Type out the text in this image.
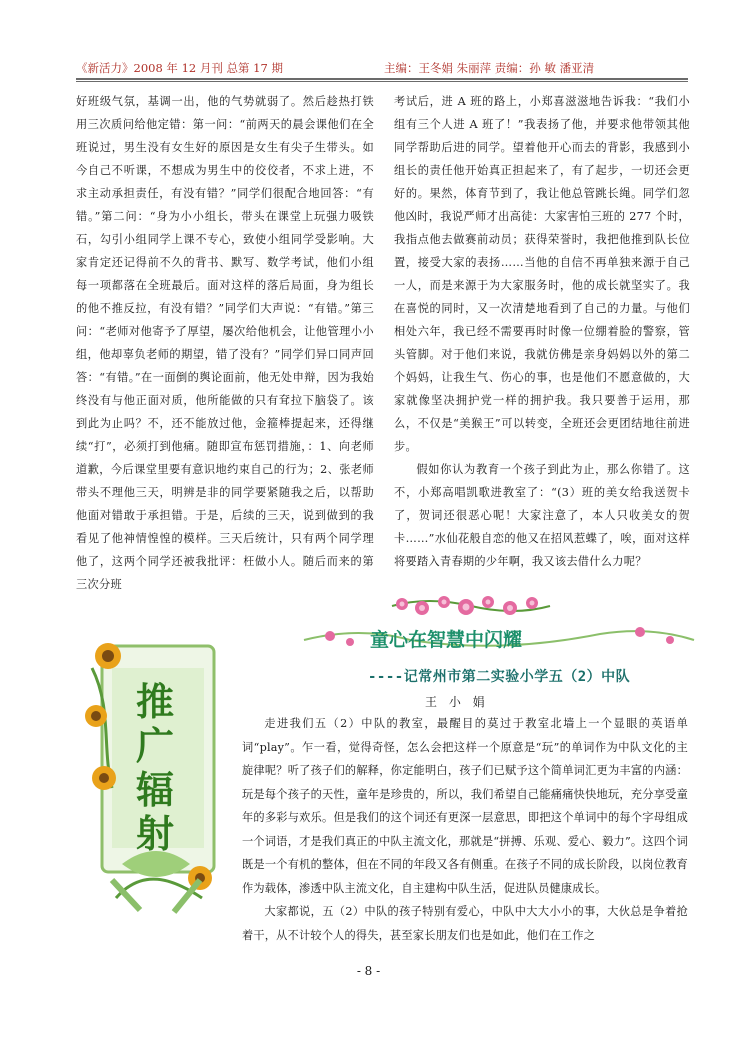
《新活力》2008 年 12 月刊 总第 17 期	主编：王冬娟 朱丽萍 责编：孙 敏 潘亚清

好班级气氛，基调一出，他的气势就弱了。然后趁热打铁用三次质问给他定错：第一问：“前两天的晨会课他们在全班说过，男生没有女生好的原因是女生有尖子生带头。如今自己不听课，不想成为男生中的佼佼者，不求上进，不求主动承担责任，有没有错？”同学们很配合地回答：“有错。”第二问：“身为小小组长，带头在课堂上玩强力吸铁石，勾引小组同学上课不专心，致使小组同学受影响。大家肯定还记得前不久的背书、默写、数学考试，他们小组每一项都落在全班最后。面对这样的落后局面，身为组长的他不推反拉，有没有错？”同学们大声说：“有错。”第三问：“老师对他寄予了厚望，屡次给他机会，让他管理小小组，他却辜负老师的期望，错了没有？”同学们异口同声回答：“有错。”在一面倒的舆论面前，他无处申辩，因为我始终没有与他正面对质，他所能做的只有耷拉下脑袋了。该到此为止吗？不，还不能放过他，金箍棒提起来，还得继续“打”，必须打到他痛。随即宣布惩罚措施，：1、向老师道歉，今后课堂里要有意识地约束自己的行为；2、张老师带头不理他三天，明辨是非的同学要紧随我之后，以帮助他面对错敢于承担错。于是，后续的三天，说到做到的我看见了他神情惶惶的模样。三天后统计，只有两个同学理他了，这两个同学还被我批评：枉做小人。随后而来的第三次分班

考试后，进 A 班的路上，小郑喜滋滋地告诉我：“我们小组有三个人进 A 班了！”我表扬了他，并要求他带领其他同学帮助后进的同学。望着他开心而去的背影，我感到小组长的责任他开始真正担起来了，有了起步，一切还会更好的。果然，体育节到了，我让他总管跳长绳。同学们忽他凶时，我说严师才出高徒：大家害怕三班的 277 个时，我指点他去做赛前动员；获得荣誉时，我把他推到队长位置，接受大家的表扬……当他的自信不再单独来源于自己一人，而是来源于为大家服务时，他的成长就坚实了。我在喜悦的同时，又一次清楚地看到了自己的力量。与他们相处六年，我已经不需要再时时像一位绷着脸的警察，管头管脚。对于他们来说，我就仿佛是亲身妈妈以外的第二个妈妈，让我生气、伤心的事，也是他们不愿意做的，大家就像坚决拥护党一样的拥护我。我只要善于运用，那么，不仅是“美猴王”可以转变，全班还会更团结地往前进步。

假如你认为教育一个孩子到此为止，那么你错了。这不，小郑高唱凯歌进教室了：“(3）班的美女给我送贺卡了，贺词还很恶心呢！大家注意了，本人只收美女的贺卡……”水仙花般自恋的他又在招风惹蝶了，唉，面对这样将要踏入青春期的少年啊，我又该去借什么力呢？

童心在智慧中闪耀
----记常州市第二实验小学五（2）中队
王 小 娟
推广辐射

走进我们五（2）中队的教室，最醒目的莫过于教室北墙上一个显眼的英语单词“play”。乍一看，觉得奇怪，怎么会把这样一个原意是“玩”的单词作为中队文化的主旋律呢？听了孩子们的解释，你定能明白，孩子们已赋予这个简单词汇更为丰富的内涵：玩是每个孩子的天性，童年是珍贵的，所以，我们希望自己能痛痛快快地玩，充分享受童年的多彩与欢乐。但是我们的这个词还有更深一层意思，即把这个单词中的每个字母组成一个词语，才是我们真正的中队主流文化，那就是“拼搏、乐观、爱心、毅力”。这四个词既是一个有机的整体，但在不同的年段又各有侧重。在孩子不同的成长阶段，以岗位教育作为载体，渗透中队主流文化，自主建构中队生活，促进队员健康成长。

大家都说，五（2）中队的孩子特别有爱心，中队中大大小小的事，大伙总是争着抢着干，从不计较个人的得失，甚至家长朋友们也是如此，他们在工作之

- 8 -
